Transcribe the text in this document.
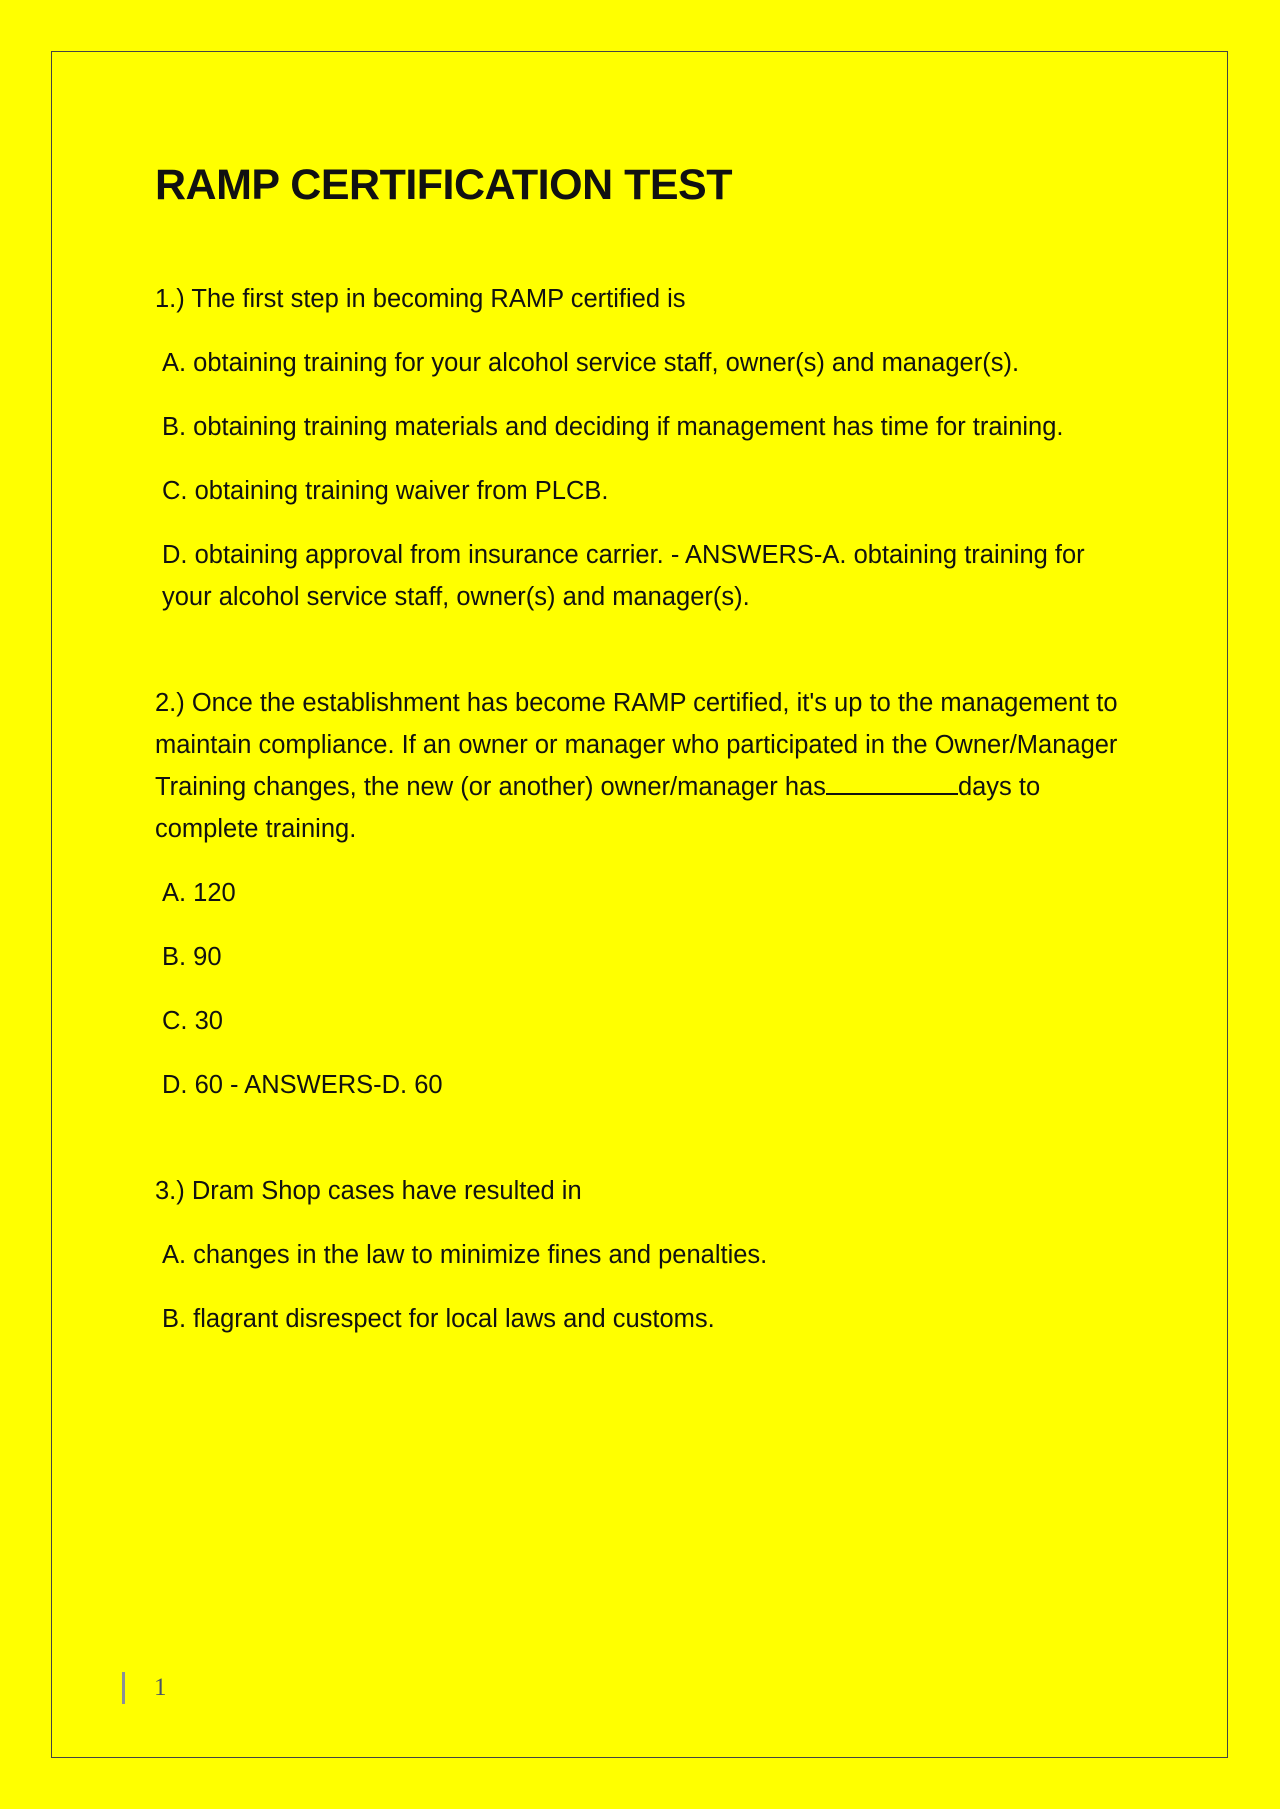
RAMP CERTIFICATION TEST
1.) The first step in becoming RAMP certified is
A. obtaining training for your alcohol service staff, owner(s) and manager(s).
B. obtaining training materials and deciding if management has time for training.
C. obtaining training waiver from PLCB.
D. obtaining approval from insurance carrier. - ANSWERS-A. obtaining training for your alcohol service staff, owner(s) and manager(s).
2.) Once the establishment has become RAMP certified, it's up to the management to maintain compliance. If an owner or manager who participated in the Owner/Manager Training changes, the new (or another) owner/manager has	days to complete training.
A. 120
B. 90
C. 30
D. 60 - ANSWERS-D. 60
3.) Dram Shop cases have resulted in
A. changes in the law to minimize fines and penalties.
B. flagrant disrespect for local laws and customs.
1
